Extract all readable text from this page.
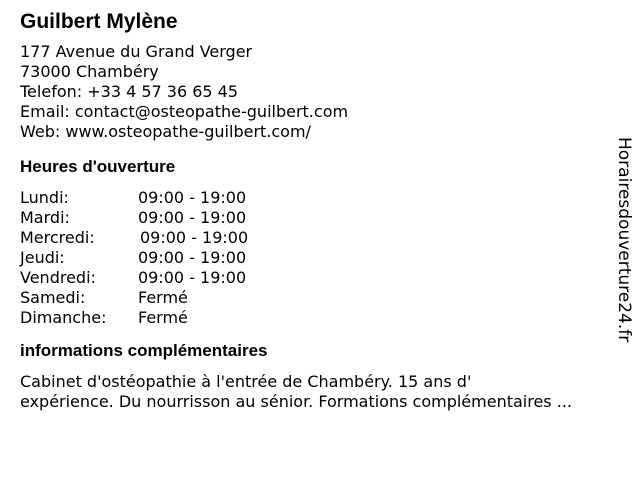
Guilbert Mylène
177 Avenue du Grand Verger
73000 Chambéry
Telefon: +33 4 57 36 65 45
Email: contact@osteopathe-guilbert.com
Web: www.osteopathe-guilbert.com/
Heures d'ouverture
Lundi:	09:00 - 19:00
Mardi:	09:00 - 19:00
Mercredi:	09:00 - 19:00
Jeudi:	09:00 - 19:00
Vendredi:	09:00 - 19:00
Samedi:	Fermé
Dimanche:	Fermé
informations complémentaires
Cabinet d'ostéopathie à l'entrée de Chambéry. 15 ans d'
expérience. Du nourrisson au sénior. Formations complémentaires ...
Horairesdouverture24.fr
